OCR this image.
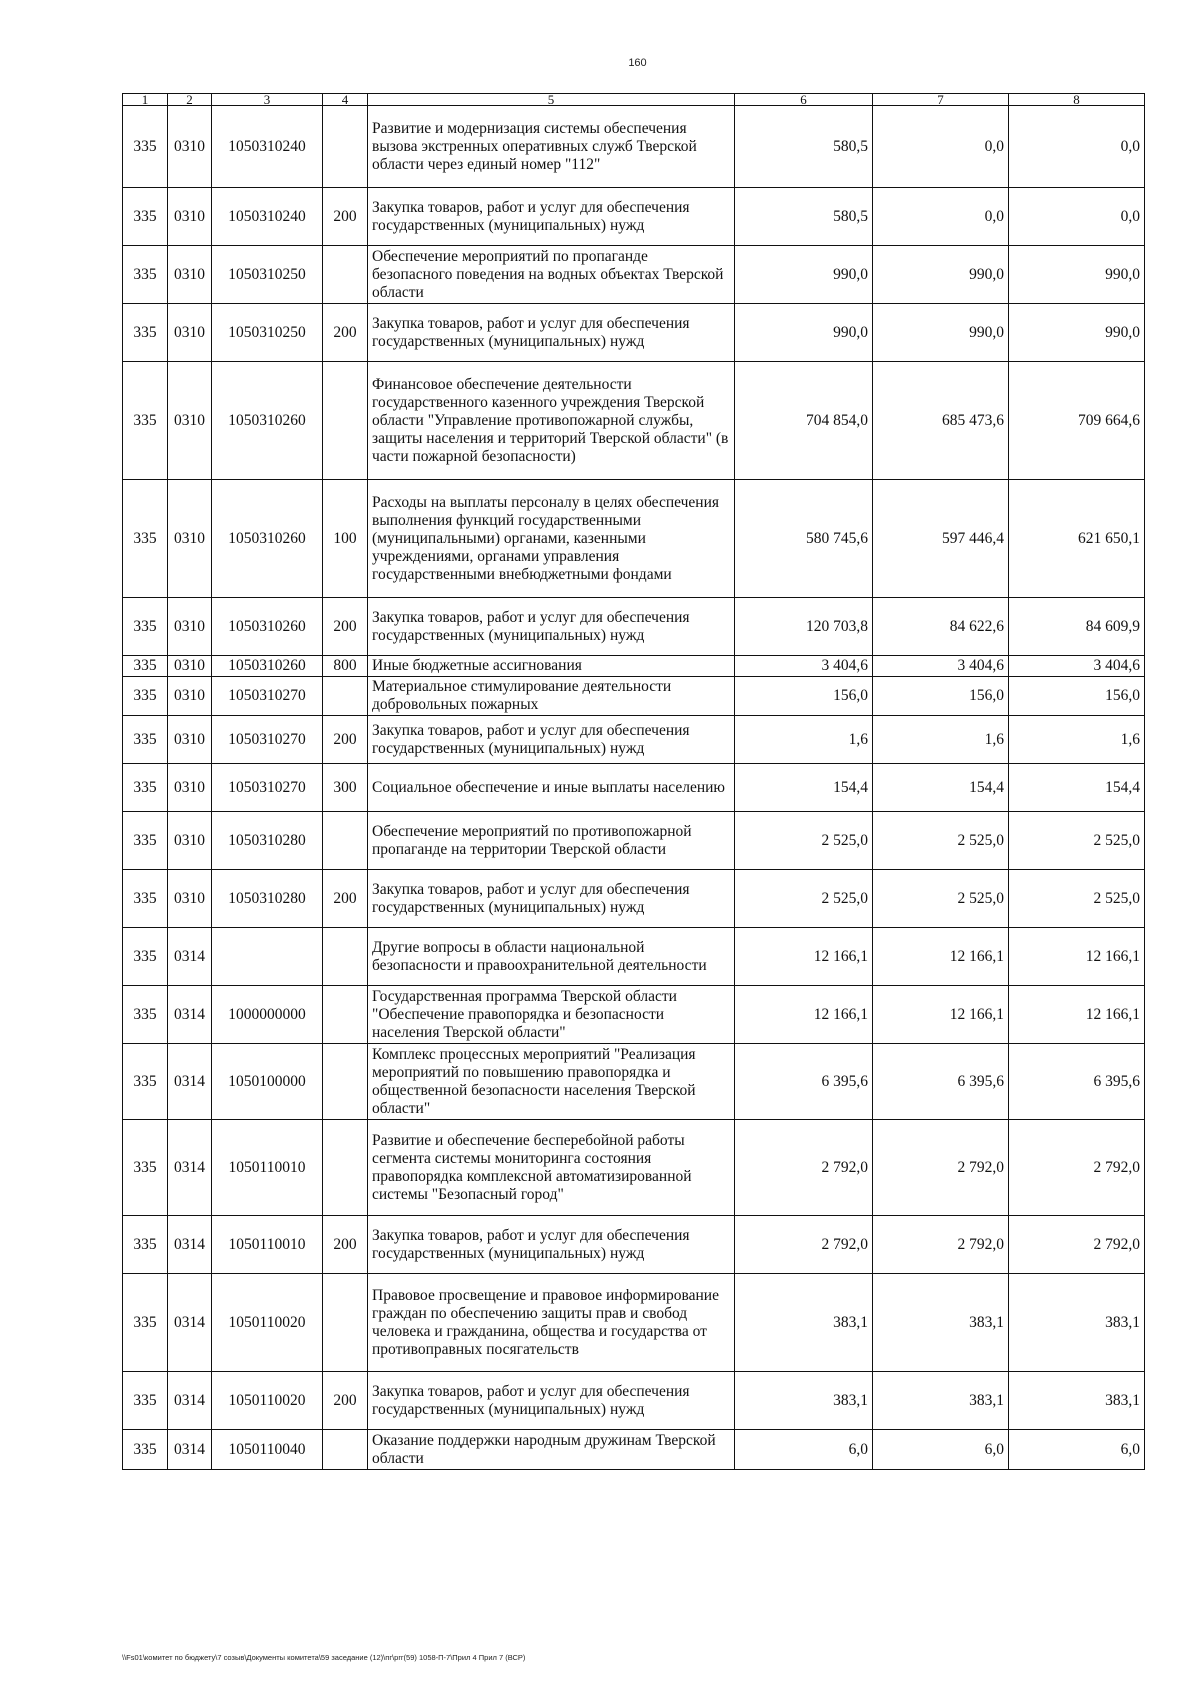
160
1	2	3	4	5	6	7	8
335	0310	1050310240		Развитие и модернизация системы обеспечения вызова экстренных оперативных служб Тверской области через единый номер "112"	580,5	0,0	0,0
335	0310	1050310240	200	Закупка товаров, работ и услуг для обеспечения государственных (муниципальных) нужд	580,5	0,0	0,0
335	0310	1050310250		Обеспечение мероприятий по пропаганде безопасного поведения на водных объектах Тверской области	990,0	990,0	990,0
335	0310	1050310250	200	Закупка товаров, работ и услуг для обеспечения государственных (муниципальных) нужд	990,0	990,0	990,0
335	0310	1050310260		Финансовое обеспечение деятельности государственного казенного учреждения Тверской области "Управление противопожарной службы, защиты населения и территорий Тверской области" (в части пожарной безопасности)	704 854,0	685 473,6	709 664,6
335	0310	1050310260	100	Расходы на выплаты персоналу в целях обеспечения выполнения функций государственными (муниципальными) органами, казенными учреждениями, органами управления государственными внебюджетными фондами	580 745,6	597 446,4	621 650,1
335	0310	1050310260	200	Закупка товаров, работ и услуг для обеспечения государственных (муниципальных) нужд	120 703,8	84 622,6	84 609,9
335	0310	1050310260	800	Иные бюджетные ассигнования	3 404,6	3 404,6	3 404,6
335	0310	1050310270		Материальное стимулирование деятельности добровольных пожарных	156,0	156,0	156,0
335	0310	1050310270	200	Закупка товаров, работ и услуг для обеспечения государственных (муниципальных) нужд	1,6	1,6	1,6
335	0310	1050310270	300	Социальное обеспечение и иные выплаты населению	154,4	154,4	154,4
335	0310	1050310280		Обеспечение мероприятий по противопожарной пропаганде на территории Тверской области	2 525,0	2 525,0	2 525,0
335	0310	1050310280	200	Закупка товаров, работ и услуг для обеспечения государственных (муниципальных) нужд	2 525,0	2 525,0	2 525,0
335	0314			Другие вопросы в области национальной безопасности и правоохранительной деятельности	12 166,1	12 166,1	12 166,1
335	0314	1000000000		Государственная программа Тверской области "Обеспечение правопорядка и безопасности населения Тверской области"	12 166,1	12 166,1	12 166,1
335	0314	1050100000		Комплекс процессных мероприятий "Реализация мероприятий по повышению правопорядка и общественной безопасности населения Тверской области"	6 395,6	6 395,6	6 395,6
335	0314	1050110010		Развитие и обеспечение бесперебойной работы сегмента системы мониторинга состояния правопорядка комплексной автоматизированной системы "Безопасный город"	2 792,0	2 792,0	2 792,0
335	0314	1050110010	200	Закупка товаров, работ и услуг для обеспечения государственных (муниципальных) нужд	2 792,0	2 792,0	2 792,0
335	0314	1050110020		Правовое просвещение и правовое информирование граждан по обеспечению защиты прав и свобод человека и гражданина, общества и государства от противоправных посягательств	383,1	383,1	383,1
335	0314	1050110020	200	Закупка товаров, работ и услуг для обеспечения государственных (муниципальных) нужд	383,1	383,1	383,1
335	0314	1050110040		Оказание поддержки народным дружинам Тверской области	6,0	6,0	6,0
\\Fs01\комитет по бюджету\7 созыв\Документы комитета\59 заседание (12)\пг\prг(59) 1058-П-7\Прил 4 Прил 7 (ВСР)
